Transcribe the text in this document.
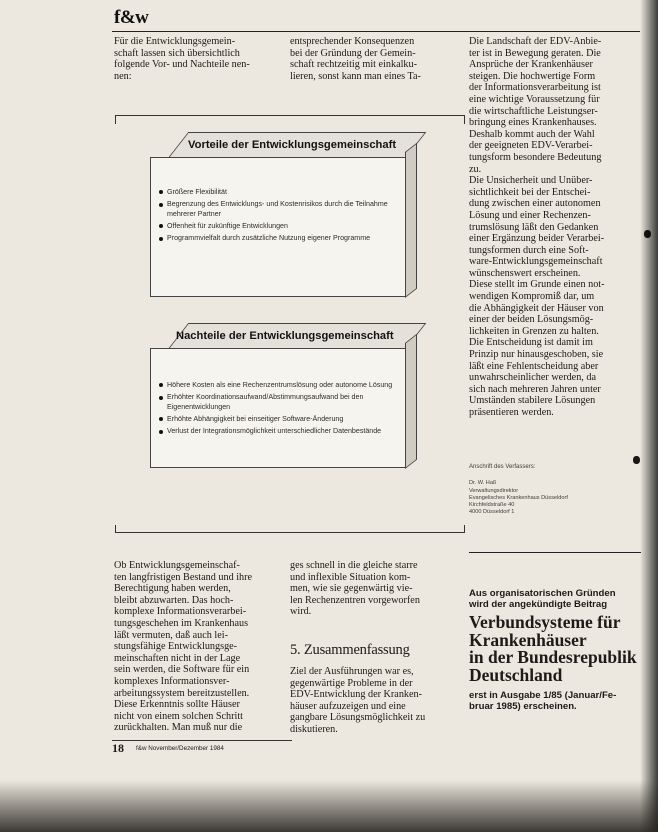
f&w

Für die Entwicklungsgemein-
schaft lassen sich übersichtlich
folgende Vor- und Nachteile nen-
nen:

entsprechender Konsequenzen
bei der Gründung der Gemein-
schaft rechtzeitig mit einkalku-
lieren, sonst kann man eines Ta-

Die Landschaft der EDV-Anbie-
ter ist in Bewegung geraten. Die
Ansprüche der Krankenhäuser
steigen. Die hochwertige Form
der Informationsverarbeitung ist
eine wichtige Voraussetzung für
die wirtschaftliche Leistungser-
bringung eines Krankenhauses.
Deshalb kommt auch der Wahl
der geeigneten EDV-Verarbei-
tungsform besondere Bedeutung
zu.
Die Unsicherheit und Unüber-
sichtlichkeit bei der Entschei-
dung zwischen einer autonomen
Lösung und einer Rechenzen-
trumslösung läßt den Gedanken
einer Ergänzung beider Verarbei-
tungsformen durch eine Soft-
ware-Entwicklungsgemeinschaft
wünschenswert erscheinen.
Diese stellt im Grunde einen not-
wendigen Kompromiß dar, um
die Abhängigkeit der Häuser von
einer der beiden Lösungsmög-
lichkeiten in Grenzen zu halten.
Die Entscheidung ist damit im
Prinzip nur hinausgeschoben, sie
läßt eine Fehlentscheidung aber
unwahrscheinlicher werden, da
sich nach mehreren Jahren unter
Umständen stabilere Lösungen
präsentieren werden.

Vorteile der Entwicklungsgemeinschaft
Größere Flexibilität
Begrenzung des Entwicklungs- und Kostenrisikos durch die Teilnahme mehrerer Partner
Offenheit für zukünftige Entwicklungen
Programmvielfalt durch zusätzliche Nutzung eigener Programme
Nachteile der Entwicklungsgemeinschaft
Höhere Kosten als eine Rechenzentrumslösung oder autonome Lösung
Erhöhter Koordinationsaufwand/Abstimmungsaufwand bei den Eigenentwicklungen
Erhöhte Abhängigkeit bei einseitiger Software-Änderung
Verlust der Integrationsmöglichkeit unterschiedlicher Datenbestände
Anschrift des Verfassers:
Dr. W. Haß
Verwaltungsdirektor
Evangelisches Krankenhaus Düsseldorf
Kirchfeldstraße 40
4000 Düsseldorf 1

Ob Entwicklungsgemeinschaf-
ten langfristigen Bestand und ihre
Berechtigung haben werden,
bleibt abzuwarten. Das hoch-
komplexe Informationsverarbei-
tungsgeschehen im Krankenhaus
läßt vermuten, daß auch lei-
stungsfähige Entwicklungsge-
meinschaften nicht in der Lage
sein werden, die Software für ein
komplexes Informationsver-
arbeitungssystem bereitzustellen.
Diese Erkenntnis sollte Häuser
nicht von einem solchen Schritt
zurückhalten. Man muß nur die

ges schnell in die gleiche starre
und inflexible Situation kom-
men, wie sie gegenwärtig vie-
len Rechenzentren vorgeworfen
wird.

Ziel der Ausführungen war es,
gegenwärtige Probleme in der
EDV-Entwicklung der Kranken-
häuser aufzuzeigen und eine
gangbare Lösungsmöglichkeit zu
diskutieren.

5. Zusammenfassung
Aus organisatorischen Gründen
wird der angekündigte Beitrag
Verbundsysteme für
Krankenhäuser
in der Bundesrepublik
Deutschland
erst in Ausgabe 1/85 (Januar/Fe-
bruar 1985) erscheinen.
18 f&w November/Dezember 1984
